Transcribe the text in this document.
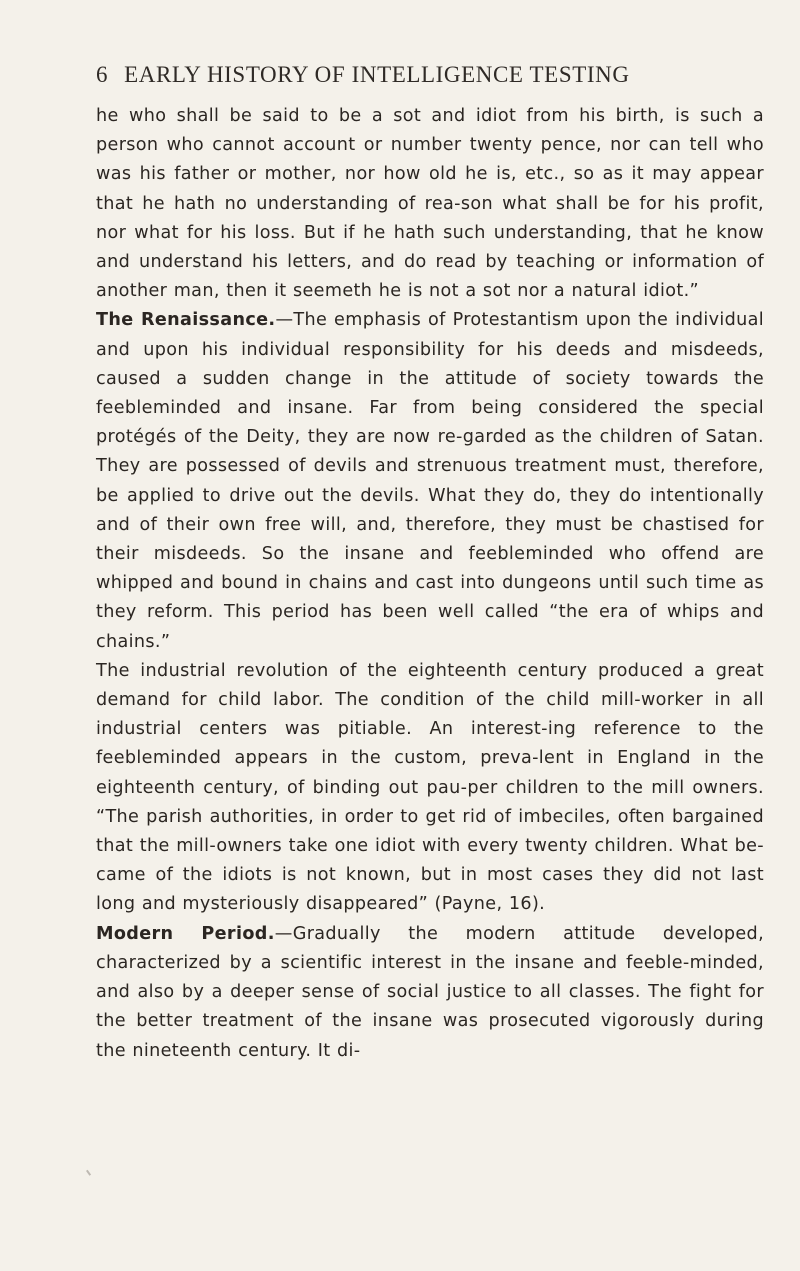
6 EARLY HISTORY OF INTELLIGENCE TESTING

he who shall be said to be a sot and idiot from his birth, is such a person who cannot account or number twenty pence, nor can tell who was his father or mother, nor how old he is, etc., so as it may appear that he hath no understanding of rea-son what shall be for his profit, nor what for his loss. But if he hath such understanding, that he know and understand his letters, and do read by teaching or information of another man, then it seemeth he is not a sot nor a natural idiot.”

The Renaissance.—The emphasis of Protestantism upon the individual and upon his individual responsibility for his deeds and misdeeds, caused a sudden change in the attitude of society towards the feebleminded and insane. Far from being considered the special protégés of the Deity, they are now re-garded as the children of Satan. They are possessed of devils and strenuous treatment must, therefore, be applied to drive out the devils. What they do, they do intentionally and of their own free will, and, therefore, they must be chastised for their misdeeds. So the insane and feebleminded who offend are whipped and bound in chains and cast into dungeons until such time as they reform. This period has been well called “the era of whips and chains.”

The industrial revolution of the eighteenth century produced a great demand for child labor. The condition of the child mill-worker in all industrial centers was pitiable. An interest-ing reference to the feebleminded appears in the custom, preva-lent in England in the eighteenth century, of binding out pau-per children to the mill owners. “The parish authorities, in order to get rid of imbeciles, often bargained that the mill-owners take one idiot with every twenty children. What be-came of the idiots is not known, but in most cases they did not last long and mysteriously disappeared” (Payne, 16).

Modern Period.—Gradually the modern attitude developed, characterized by a scientific interest in the insane and feeble-minded, and also by a deeper sense of social justice to all classes. The fight for the better treatment of the insane was prosecuted vigorously during the nineteenth century. It di-
